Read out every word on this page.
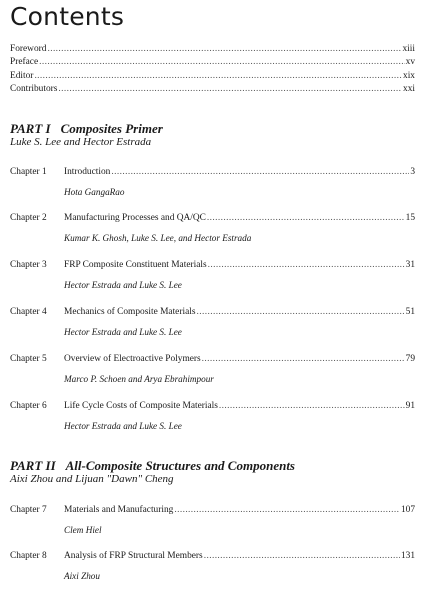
Contents
Foreword .....	xiii
Preface .....	xv
Editor .....	xix
Contributors .....	xxi
PART I Composites Primer
Luke S. Lee and Hector Estrada
Chapter 1	Introduction .....	3
Hota GangaRao
Chapter 2	Manufacturing Processes and QA/QC .....	15
Kumar K. Ghosh, Luke S. Lee, and Hector Estrada
Chapter 3	FRP Composite Constituent Materials .....	31
Hector Estrada and Luke S. Lee
Chapter 4	Mechanics of Composite Materials .....	51
Hector Estrada and Luke S. Lee
Chapter 5	Overview of Electroactive Polymers .....	79
Marco P. Schoen and Arya Ebrahimpour
Chapter 6	Life Cycle Costs of Composite Materials .....	91
Hector Estrada and Luke S. Lee
PART II All-Composite Structures and Components
Aixi Zhou and Lijuan "Dawn" Cheng
Chapter 7	Materials and Manufacturing .....	107
Clem Hiel
Chapter 8	Analysis of FRP Structural Members .....	131
Aixi Zhou
